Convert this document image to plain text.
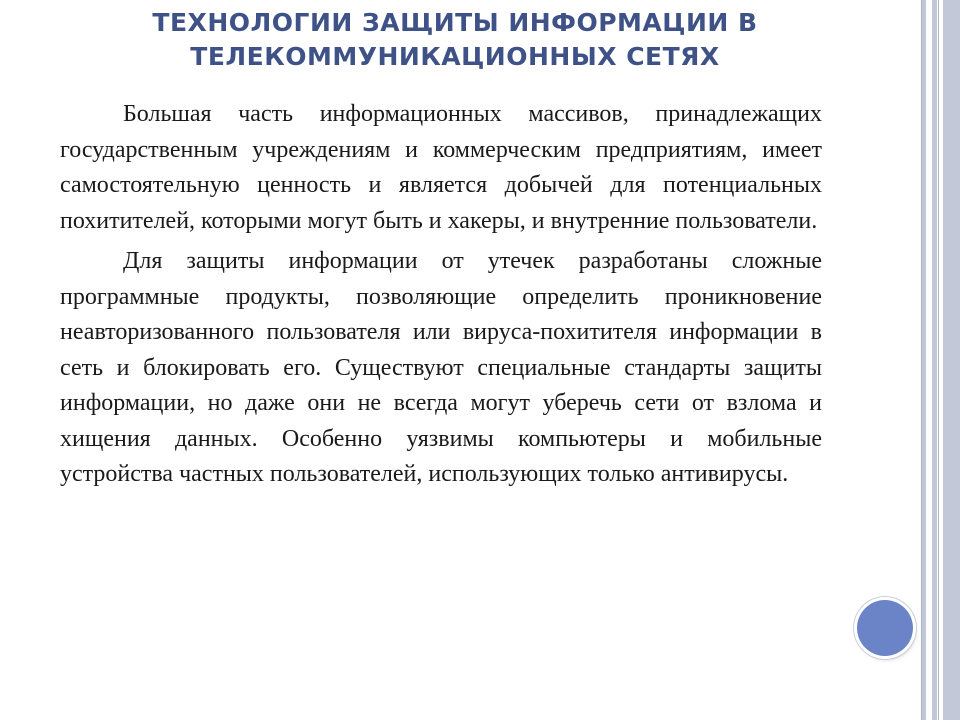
ТЕХНОЛОГИИ ЗАЩИТЫ ИНФОРМАЦИИ В
ТЕЛЕКОММУНИКАЦИОННЫХ СЕТЯХ

Большая часть информационных массивов, принадлежащих государственным учреждениям и коммерческим предприятиям, имеет самостоятельную ценность и является добычей для потенциальных похитителей, которыми могут быть и хакеры, и внутренние пользователи.

Для защиты информации от утечек разработаны сложные программные продукты, позволяющие определить проникновение неавторизованного пользователя или вируса-похитителя информации в сеть и блокировать его. Существуют специальные стандарты защиты информации, но даже они не всегда могут уберечь сети от взлома и хищения данных. Особенно уязвимы компьютеры и мобильные устройства частных пользователей, использующих только антивирусы.
